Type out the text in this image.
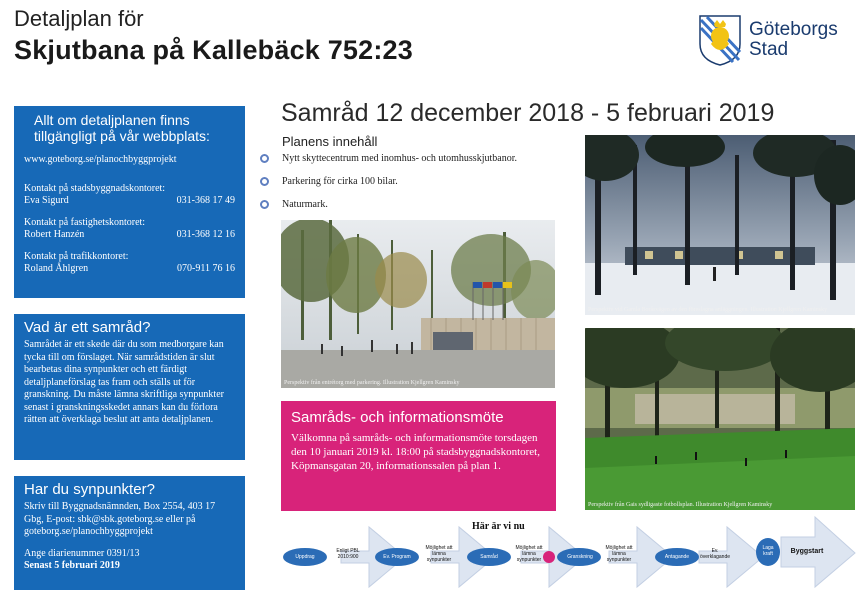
Detaljplan för
Skjutbana på Kallebäck 752:23
Göteborgs
Stad
Allt om detaljplanen finns tillgängligt på vår webbplats:
www.goteborg.se/planochbyggprojekt
Kontakt på stadsbyggnadskontoret:
Eva Sigurd	031-368 17 49
Kontakt på fastighetskontoret:
Robert Hanzén	031-368 12 16
Kontakt på trafikkontoret:
Roland Åhlgren	070-911 76 16
Vad är ett samråd?
Samrådet är ett skede där du som medborgare kan tycka till om förslaget. När samrådstiden är slut bearbetas dina synpunkter och ett färdigt detaljplaneförslag tas fram och ställs ut för granskning. Du måste lämna skriftliga synpunkter senast i granskningsskedet annars kan du förlora rätten att överklaga beslut att anta detaljplanen.
Har du synpunkter?
Skriv till Byggnadsnämnden, Box 2554, 403 17 Gbg, E-post: sbk@sbk.goteborg.se eller på goteborg.se/planochbyggprojekt
Ange diarienummer 0391/13
Senast 5 februari 2019
Samråd 12 december 2018 - 5 februari 2019
Planens innehåll
Nytt skyttecentrum med inomhus- och utomhusskjutbanor.
Parkering för cirka 100 bilar.
Naturmark.
Perspektiv från entrétorg med parkering. Illustration Kjellgren Kaminsky
Perspektiv vid Gamla Boråsvägen av den föreslagna anläggningen. Illustration Kjellgren Kaminsky
Perspektiv från Gais sydligaste fotbollsplan. Illustration Kjellgren Kaminsky
Samråds- och informationsmöte
Välkomna på samråds- och informationsmöte torsdagen den 10 januari 2019 kl. 18:00 på stadsbyggnadskontoret, Köpmansgatan 20, informationssalen på plan 1.
Här är vi nu
Uppdrag
Enligt PBL 2010:900	Ev. Program
Möjlighet att lämna synpunkter	Samråd
Möjlighet att lämna synpunkter	Granskning
Möjlighet att lämna synpunkter	Antagande
Ev. överklagande
Laga kraft	Byggstart
